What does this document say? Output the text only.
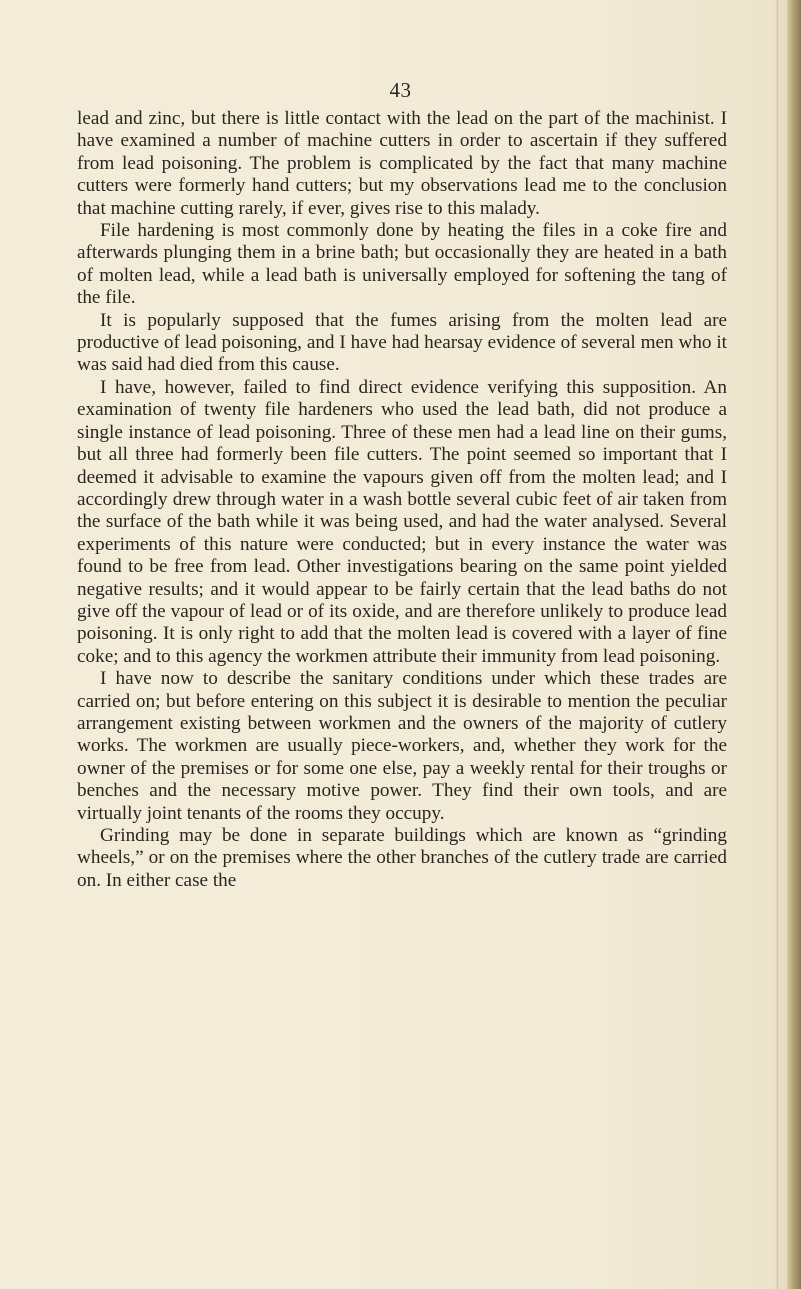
43

lead and zinc, but there is little contact with the lead on the part of the machinist. I have examined a number of machine cutters in order to ascertain if they suffered from lead poisoning. The problem is complicated by the fact that many machine cutters were formerly hand cutters; but my observations lead me to the conclusion that machine cutting rarely, if ever, gives rise to this malady.

File hardening is most commonly done by heating the files in a coke fire and afterwards plunging them in a brine bath; but occasionally they are heated in a bath of molten lead, while a lead bath is universally employed for softening the tang of the file.

It is popularly supposed that the fumes arising from the molten lead are productive of lead poisoning, and I have had hearsay evidence of several men who it was said had died from this cause.

I have, however, failed to find direct evidence verifying this supposition. An examination of twenty file hardeners who used the lead bath, did not produce a single instance of lead poisoning. Three of these men had a lead line on their gums, but all three had formerly been file cutters. The point seemed so important that I deemed it advisable to examine the vapours given off from the molten lead; and I accordingly drew through water in a wash bottle several cubic feet of air taken from the surface of the bath while it was being used, and had the water analysed. Several experiments of this nature were conducted; but in every instance the water was found to be free from lead. Other investigations bearing on the same point yielded negative results; and it would appear to be fairly certain that the lead baths do not give off the vapour of lead or of its oxide, and are therefore unlikely to produce lead poisoning. It is only right to add that the molten lead is covered with a layer of fine coke; and to this agency the workmen attribute their immunity from lead poisoning.

I have now to describe the sanitary conditions under which these trades are carried on; but before entering on this subject it is desirable to mention the peculiar arrangement existing between workmen and the owners of the majority of cutlery works. The workmen are usually piece-workers, and, whether they work for the owner of the premises or for some one else, pay a weekly rental for their troughs or benches and the necessary motive power. They find their own tools, and are virtually joint tenants of the rooms they occupy.

Grinding may be done in separate buildings which are known as “grinding wheels,” or on the premises where the other branches of the cutlery trade are carried on. In either case the
